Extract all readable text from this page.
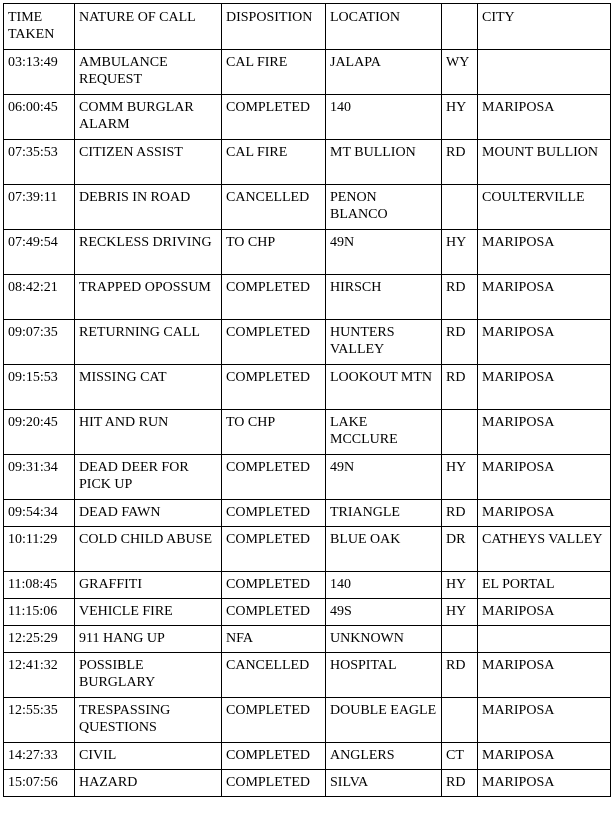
TIME TAKEN	NATURE OF CALL	DISPOSITION	LOCATION		CITY
03:13:49	AMBULANCE REQUEST	CAL FIRE	JALAPA	WY	
06:00:45	COMM BURGLAR ALARM	COMPLETED	140	HY	MARIPOSA
07:35:53	CITIZEN ASSIST	CAL FIRE	MT BULLION	RD	MOUNT BULLION
07:39:11	DEBRIS IN ROAD	CANCELLED	PENON BLANCO		COULTERVILLE
07:49:54	RECKLESS DRIVING	TO CHP	49N	HY	MARIPOSA
08:42:21	TRAPPED OPOSSUM	COMPLETED	HIRSCH	RD	MARIPOSA
09:07:35	RETURNING CALL	COMPLETED	HUNTERS VALLEY	RD	MARIPOSA
09:15:53	MISSING CAT	COMPLETED	LOOKOUT MTN	RD	MARIPOSA
09:20:45	HIT AND RUN	TO CHP	LAKE MCCLURE		MARIPOSA
09:31:34	DEAD DEER FOR PICK UP	COMPLETED	49N	HY	MARIPOSA
09:54:34	DEAD FAWN	COMPLETED	TRIANGLE	RD	MARIPOSA
10:11:29	COLD CHILD ABUSE	COMPLETED	BLUE OAK	DR	CATHEYS VALLEY
11:08:45	GRAFFITI	COMPLETED	140	HY	EL PORTAL
11:15:06	VEHICLE FIRE	COMPLETED	49S	HY	MARIPOSA
12:25:29	911 HANG UP	NFA	UNKNOWN		
12:41:32	POSSIBLE BURGLARY	CANCELLED	HOSPITAL	RD	MARIPOSA
12:55:35	TRESPASSING QUESTIONS	COMPLETED	DOUBLE EAGLE		MARIPOSA
14:27:33	CIVIL	COMPLETED	ANGLERS	CT	MARIPOSA
15:07:56	HAZARD	COMPLETED	SILVA	RD	MARIPOSA
